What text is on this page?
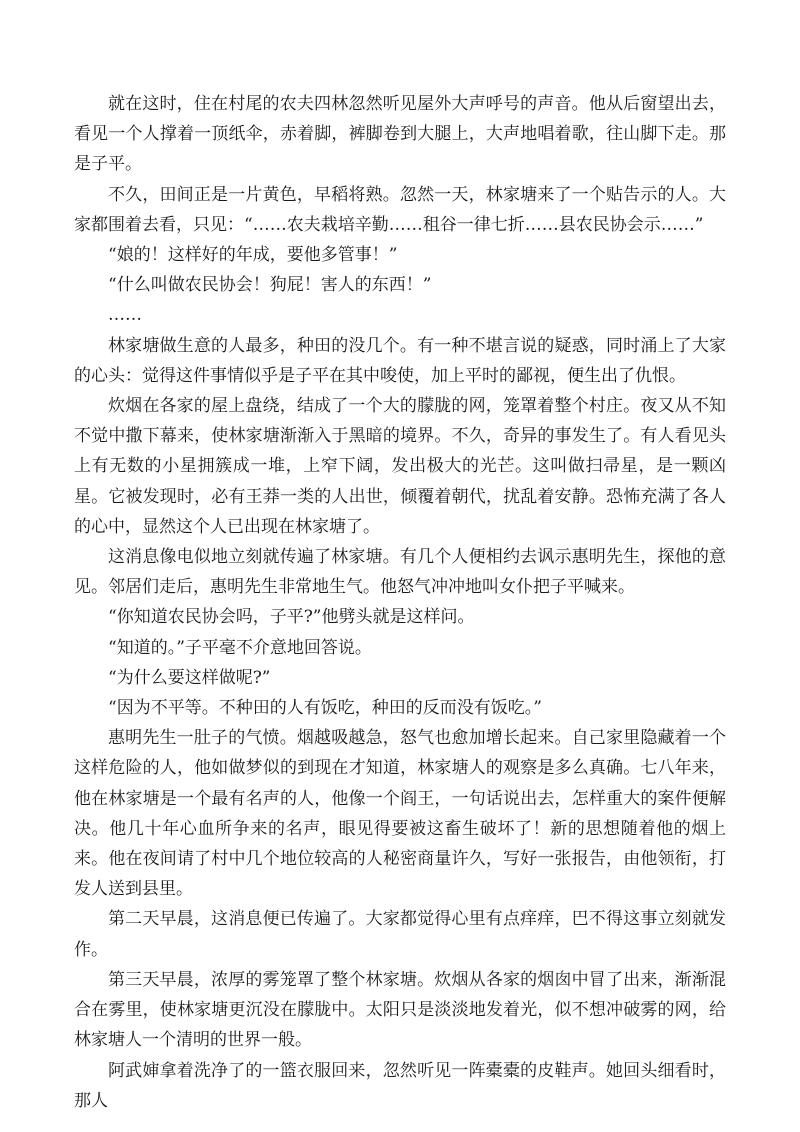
就在这时，住在村尾的农夫四林忽然听见屋外大声呼号的声音。他从后窗望出去，看见一个人撑着一顶纸伞，赤着脚，裤脚卷到大腿上，大声地唱着歌，往山脚下走。那是子平。

不久，田间正是一片黄色，早稻将熟。忽然一天，林家塘来了一个贴告示的人。大家都围着去看，只见：“……农夫栽培辛勤……租谷一律七折……县农民协会示……”

“娘的！这样好的年成，要他多管事！”

“什么叫做农民协会！狗屁！害人的东西！”

……

林家塘做生意的人最多，种田的没几个。有一种不堪言说的疑惑，同时涌上了大家的心头：觉得这件事情似乎是子平在其中唆使，加上平时的鄙视，便生出了仇恨。

炊烟在各家的屋上盘绕，结成了一个大的朦胧的网，笼罩着整个村庄。夜又从不知不觉中撒下幕来，使林家塘渐渐入于黑暗的境界。不久，奇异的事发生了。有人看见头上有无数的小星拥簇成一堆，上窄下阔，发出极大的光芒。这叫做扫帚星，是一颗凶星。它被发现时，必有王莽一类的人出世，倾覆着朝代，扰乱着安静。恐怖充满了各人的心中，显然这个人已出现在林家塘了。

这消息像电似地立刻就传遍了林家塘。有几个人便相约去讽示惠明先生，探他的意见。邻居们走后，惠明先生非常地生气。他怒气冲冲地叫女仆把子平喊来。

“你知道农民协会吗，子平?”他劈头就是这样问。

“知道的。”子平毫不介意地回答说。

“为什么要这样做呢?”

“因为不平等。不种田的人有饭吃，种田的反而没有饭吃。”

惠明先生一肚子的气愤。烟越吸越急，怒气也愈加增长起来。自己家里隐藏着一个这样危险的人，他如做梦似的到现在才知道，林家塘人的观察是多么真确。七八年来，他在林家塘是一个最有名声的人，他像一个阎王，一句话说出去，怎样重大的案件便解决。他几十年心血所争来的名声，眼见得要被这畜生破坏了！新的思想随着他的烟上来。他在夜间请了村中几个地位较高的人秘密商量许久，写好一张报告，由他领衔，打发人送到县里。

第二天早晨，这消息便已传遍了。大家都觉得心里有点痒痒，巴不得这事立刻就发作。

第三天早晨，浓厚的雾笼罩了整个林家塘。炊烟从各家的烟囱中冒了出来，渐渐混合在雾里，使林家塘更沉没在朦胧中。太阳只是淡淡地发着光，似不想冲破雾的网，给林家塘人一个清明的世界一般。

阿武婶拿着洗净了的一篮衣服回来，忽然听见一阵橐橐的皮鞋声。她回头细看时，那人
